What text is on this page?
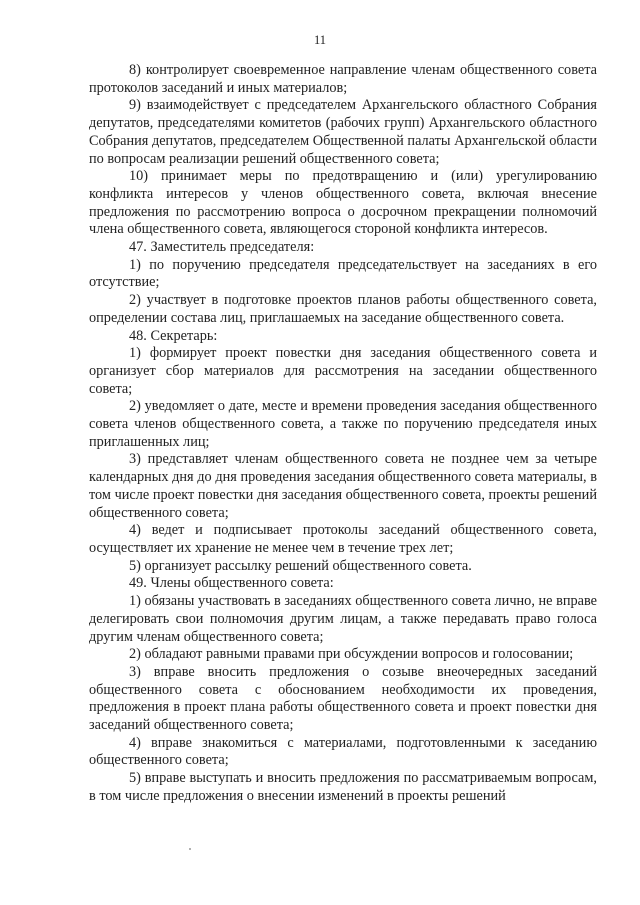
11

8) контролирует своевременное направление членам общественного совета протоколов заседаний и иных материалов;

9) взаимодействует с председателем Архангельского областного Собрания депутатов, председателями комитетов (рабочих групп) Архангельского областного Собрания депутатов, председателем Общественной палаты Архангельской области по вопросам реализации решений общественного совета;

10) принимает меры по предотвращению и (или) урегулированию конфликта интересов у членов общественного совета, включая внесение предложения по рассмотрению вопроса о досрочном прекращении полномочий члена общественного совета, являющегося стороной конфликта интересов.

47. Заместитель председателя:

1) по поручению председателя председательствует на заседаниях в его отсутствие;

2) участвует в подготовке проектов планов работы общественного совета, определении состава лиц, приглашаемых на заседание общественного совета.

48. Секретарь:

1) формирует проект повестки дня заседания общественного совета и организует сбор материалов для рассмотрения на заседании общественного совета;

2) уведомляет о дате, месте и времени проведения заседания общественного совета членов общественного совета, а также по поручению председателя иных приглашенных лиц;

3) представляет членам общественного совета не позднее чем за четыре календарных дня до дня проведения заседания общественного совета материалы, в том числе проект повестки дня заседания общественного совета, проекты решений общественного совета;

4) ведет и подписывает протоколы заседаний общественного совета, осуществляет их хранение не менее чем в течение трех лет;

5) организует рассылку решений общественного совета.

49. Члены общественного совета:

1) обязаны участвовать в заседаниях общественного совета лично, не вправе делегировать свои полномочия другим лицам, а также передавать право голоса другим членам общественного совета;

2) обладают равными правами при обсуждении вопросов и голосовании;

3) вправе вносить предложения о созыве внеочередных заседаний общественного совета с обоснованием необходимости их проведения, предложения в проект плана работы общественного совета и проект повестки дня заседаний общественного совета;

4) вправе знакомиться с материалами, подготовленными к заседанию общественного совета;

5) вправе выступать и вносить предложения по рассматриваемым вопросам, в том числе предложения о внесении изменений в проекты решений
